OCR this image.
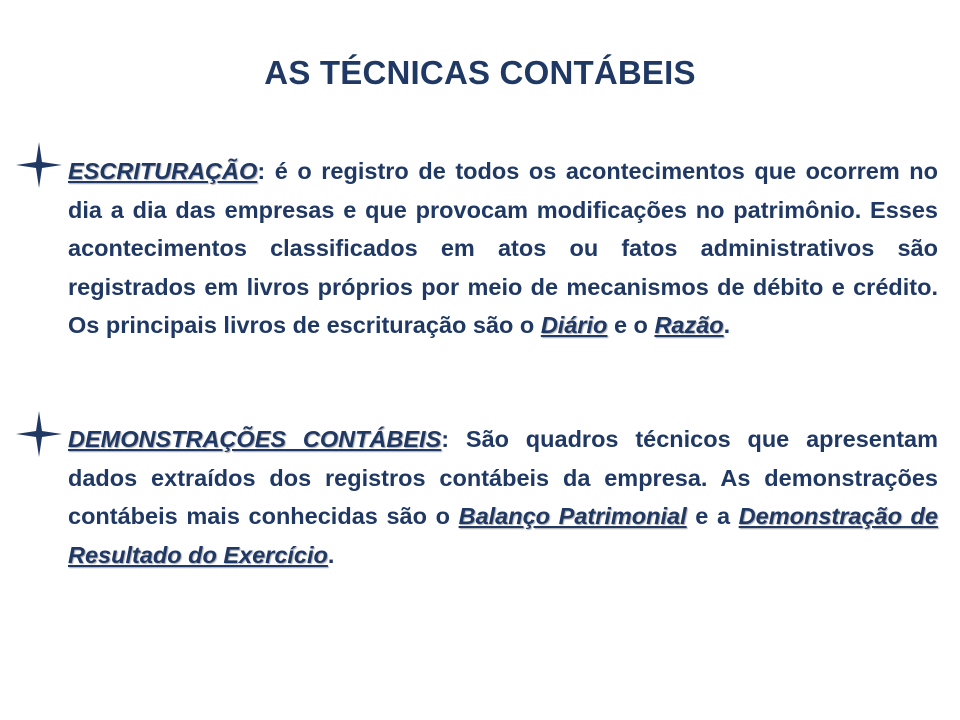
AS TÉCNICAS CONTÁBEIS
ESCRITURAÇÃO: é o registro de todos os acontecimentos que ocorrem no dia a dia das empresas e que provocam modificações no patrimônio. Esses acontecimentos classificados em atos ou fatos administrativos são registrados em livros próprios por meio de mecanismos de débito e crédito. Os principais livros de escrituração são o Diário e o Razão.
DEMONSTRAÇÕES CONTÁBEIS: São quadros técnicos que apresentam dados extraídos dos registros contábeis da empresa. As demonstrações contábeis mais conhecidas são o Balanço Patrimonial e a Demonstração de Resultado do Exercício.
